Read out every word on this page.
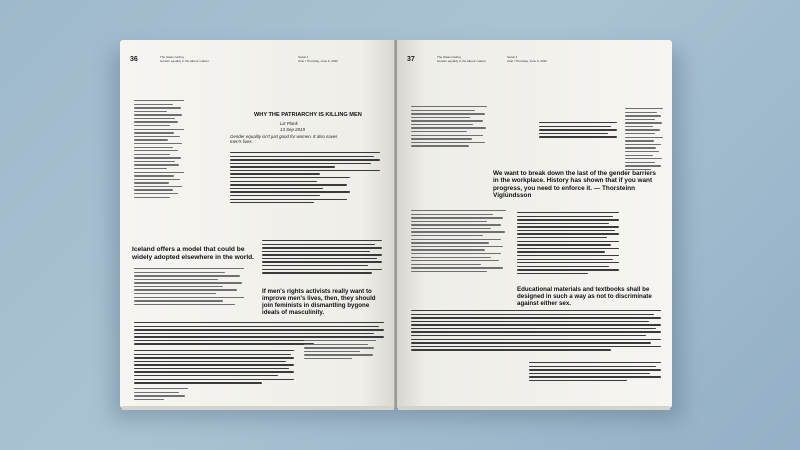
36	The Glass Ceiling
Gender equality in the labour market
Serial 1
Oslo / Thursday, June 9, 2022
WHY THE PATRIARCHY IS KILLING MEN
Liz Plank
13 Sep 2019
Gender equality isn't just good for women. It also saves men's lives.
Iceland offers a model that could be widely adopted elsewhere in the world.
If men's rights activists really want to improve men's lives, then, they should join feminists in dismantling bygone ideals of masculinity.
37	The Glass Ceiling
Gender equality in the labour market
Serial 1
Oslo / Thursday, June 9, 2022
We want to break down the last of the gender barriers in the workplace. History has shown that if you want progress, you need to enforce it. — Thorsteinn Víglúndsson
Educational materials and textbooks shall be designed in such a way as not to discriminate against either sex.
